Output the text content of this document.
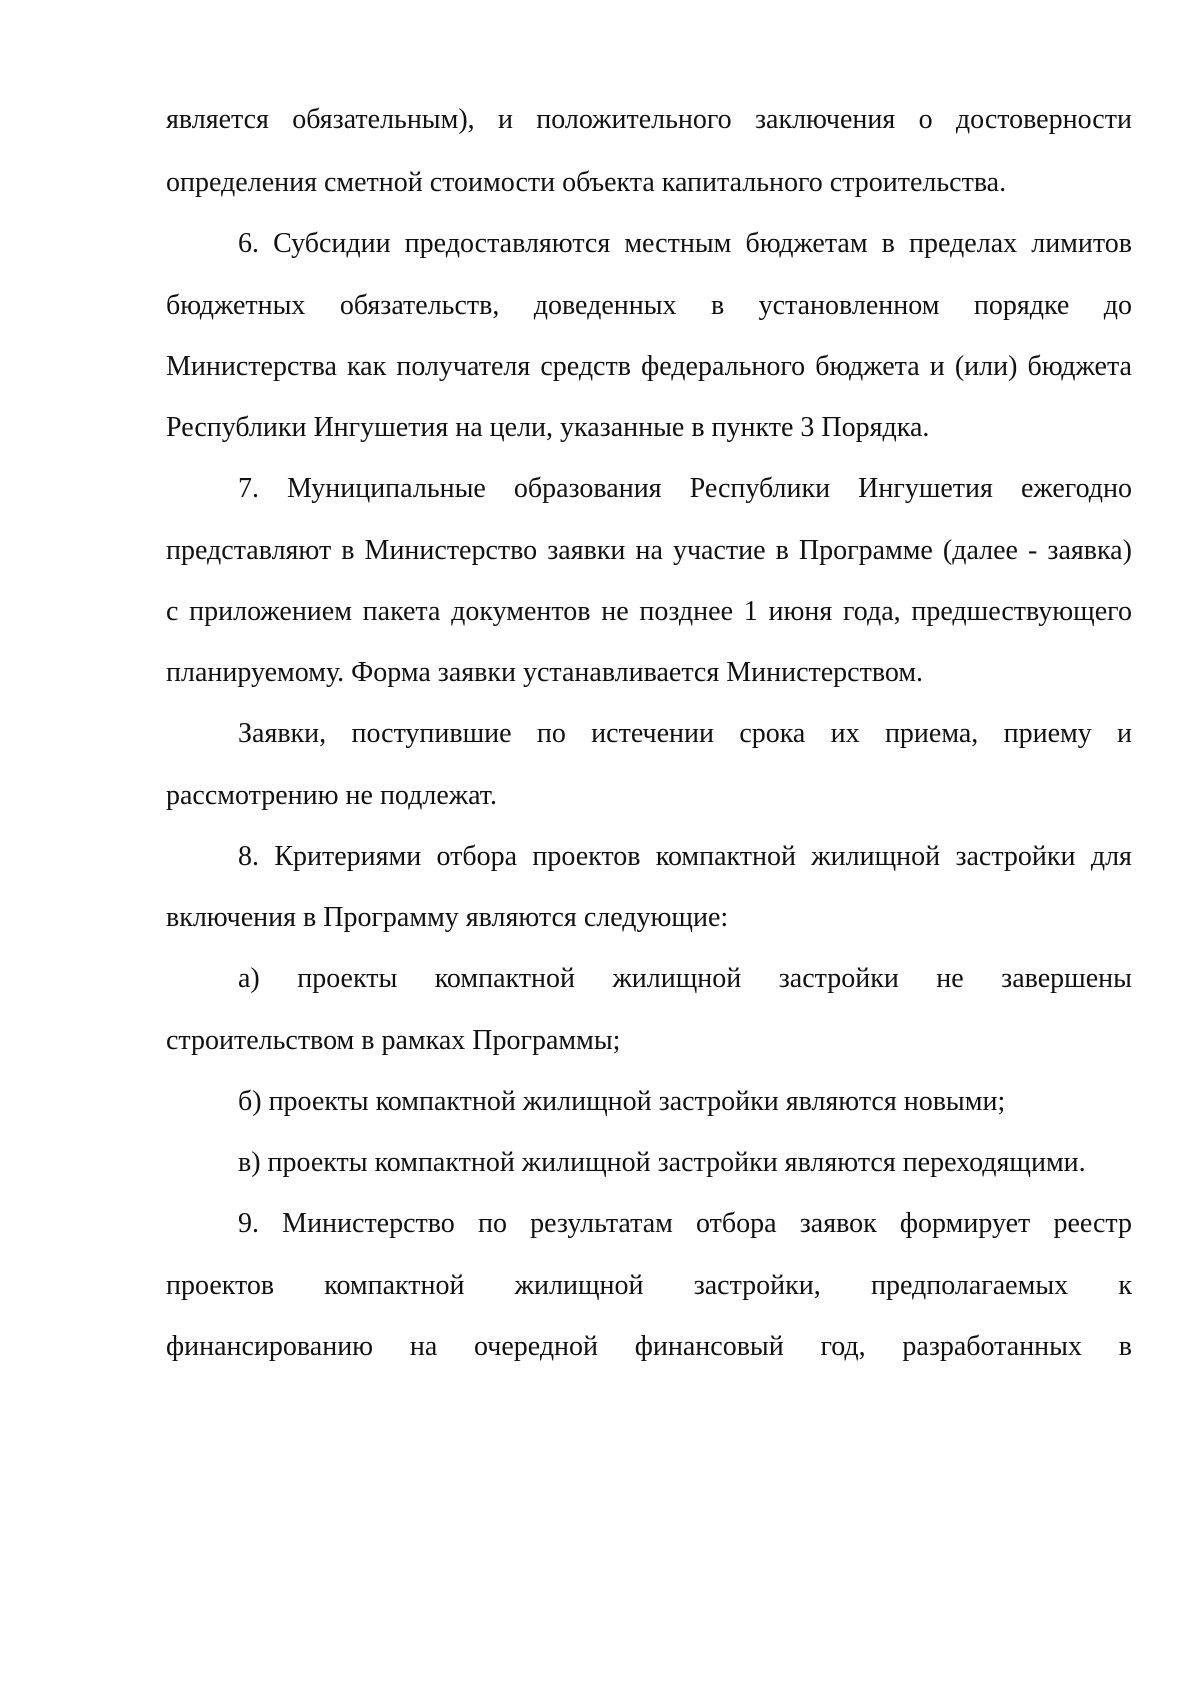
является обязательным), и положительного заключения о достоверности
определения сметной стоимости объекта капитального строительства.
6. Субсидии предоставляются местным бюджетам в пределах лимитов
бюджетных обязательств, доведенных в установленном порядке до
Министерства как получателя средств федерального бюджета и (или) бюджета
Республики Ингушетия на цели, указанные в пункте 3 Порядка.
7. Муниципальные образования Республики Ингушетия ежегодно
представляют в Министерство заявки на участие в Программе (далее - заявка)
с приложением пакета документов не позднее 1 июня года, предшествующего
планируемому. Форма заявки устанавливается Министерством.
Заявки, поступившие по истечении срока их приема, приему и
рассмотрению не подлежат.
8. Критериями отбора проектов компактной жилищной застройки для
включения в Программу являются следующие:
а) проекты компактной жилищной застройки не завершены
строительством в рамках Программы;
б) проекты компактной жилищной застройки являются новыми;
в) проекты компактной жилищной застройки являются переходящими.
9. Министерство по результатам отбора заявок формирует реестр
проектов компактной жилищной застройки, предполагаемых к
финансированию на очередной финансовый год, разработанных в
